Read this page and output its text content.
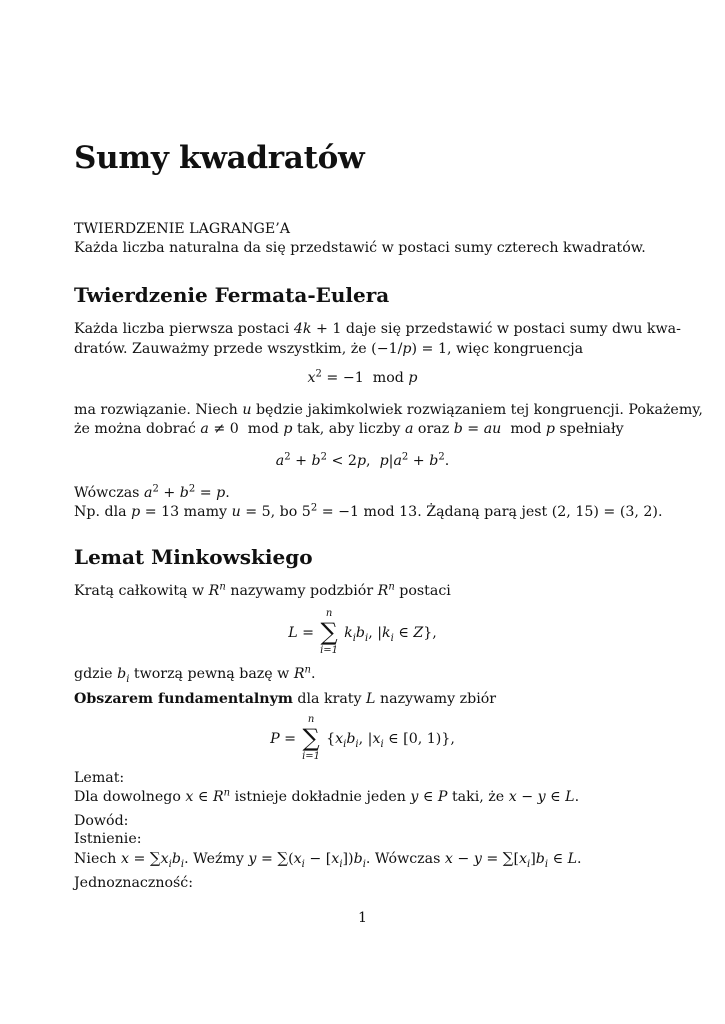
Sumy kwadratów
TWIERDZENIE LAGRANGE’A
Każda liczba naturalna da się przedstawić w postaci sumy czterech kwadratów.
Twierdzenie Fermata-Eulera
Każda liczba pierwsza postaci 4k + 1 daje się przedstawić w postaci sumy dwu kwa-
dratów. Zauważmy przede wszystkim, że (−1/p) = 1, więc kongruencja
$x^2 = -1$  mod p
ma rozwiązanie. Niech u będzie jakimkolwiek rozwiązaniem tej kongruencji. Pokażemy,
że można dobrać a ≠ 0  mod p tak, aby liczby a oraz b = au  mod p spełniały
$a^2 + b^2 < 2p$,  $p|a^2 + b^2$.
Wówczas $a^2 + b^2 = p$.
Np. dla p = 13 mamy u = 5, bo $5^2 = -1$ mod 13. Żądaną parą jest (2, 15) = (3, 2).
Lemat Minkowskiego
Kratą całkowitą w $R^n$ nazywamy podzbiór $R^n$ postaci
L =
n
∑
i=1
$k_ib_i$, $|k_i$ ∈ Z},
gdzie $b_i$ tworzą pewną bazę w $R^n$.
Obszarem fundamentalnym dla kraty L nazywamy zbiór
P =
n
∑
i=1
{$x_ib_i$, $|x_i$ ∈ [0, 1)},
Lemat:
Dla dowolnego x ∈ $R^n$ istnieje dokładnie jeden y ∈ P taki, że x − y ∈ L.
Dowód:
Istnienie:
Niech $x = \sum x_ib_i$. Weźmy $y = \sum(x_i - [x_i])b_i$. Wówczas $x - y = \sum[x_i]b_i$ ∈ L.
Jednoznaczność:
1
